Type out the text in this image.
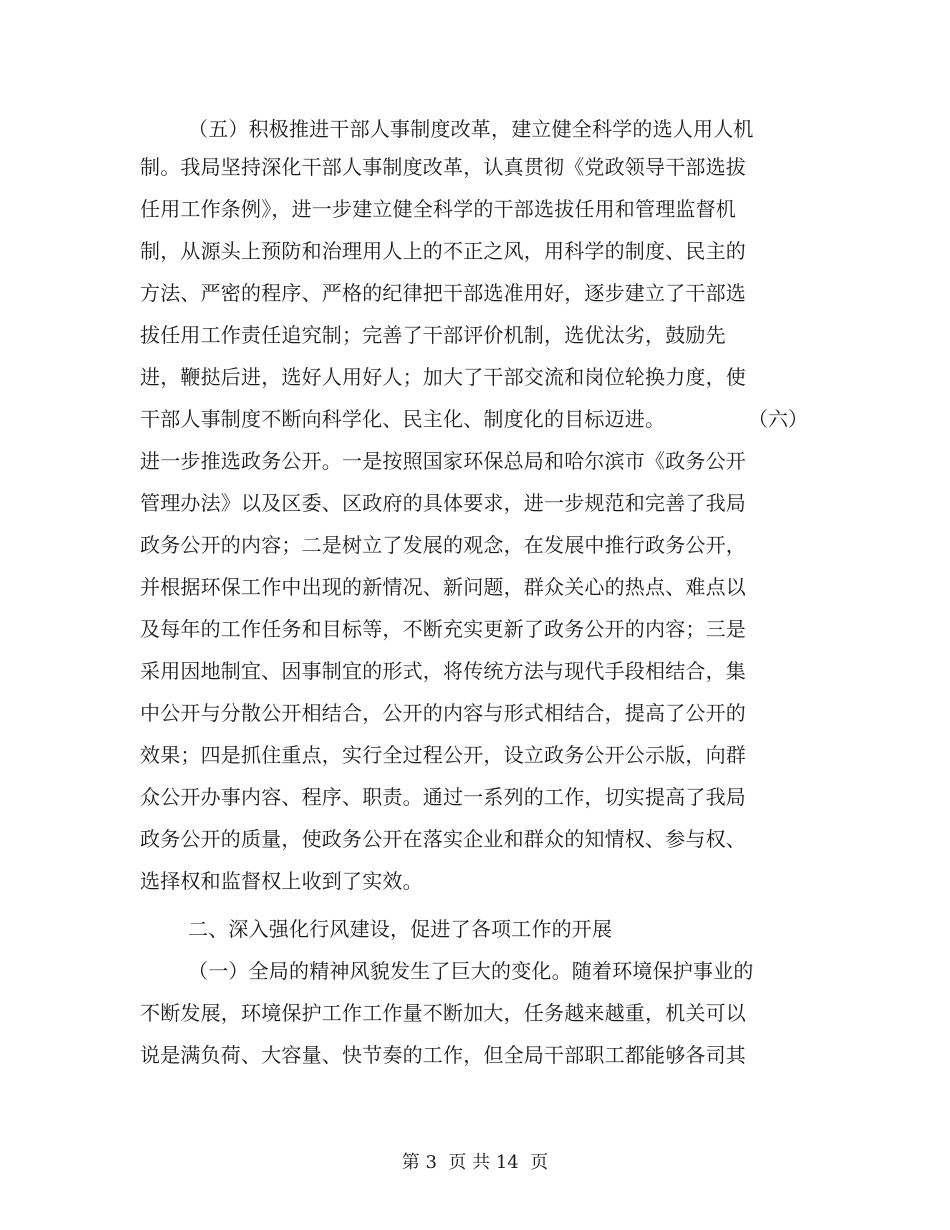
（五）积极推进干部人事制度改革，建立健全科学的选人用人机
制。我局坚持深化干部人事制度改革，认真贯彻《党政领导干部选拔
任用工作条例》，进一步建立健全科学的干部选拔任用和管理监督机
制，从源头上预防和治理用人上的不正之风，用科学的制度、民主的
方法、严密的程序、严格的纪律把干部选准用好，逐步建立了干部选
拔任用工作责任追究制；完善了干部评价机制，选优汰劣，鼓励先
进，鞭挞后进，选好人用好人；加大了干部交流和岗位轮换力度，使
干部人事制度不断向科学化、民主化、制度化的目标迈进。	（六）
进一步推选政务公开。一是按照国家环保总局和哈尔滨市《政务公开
管理办法》以及区委、区政府的具体要求，进一步规范和完善了我局
政务公开的内容；二是树立了发展的观念，在发展中推行政务公开，
并根据环保工作中出现的新情况、新问题，群众关心的热点、难点以
及每年的工作任务和目标等，不断充实更新了政务公开的内容；三是
采用因地制宜、因事制宜的形式，将传统方法与现代手段相结合，集
中公开与分散公开相结合，公开的内容与形式相结合，提高了公开的
效果；四是抓住重点，实行全过程公开，设立政务公开公示版，向群
众公开办事内容、程序、职责。通过一系列的工作，切实提高了我局
政务公开的质量，使政务公开在落实企业和群众的知情权、参与权、
选择权和监督权上收到了实效。
二、深入强化行风建设，促进了各项工作的开展
（一）全局的精神风貌发生了巨大的变化。随着环境保护事业的
不断发展，环境保护工作工作量不断加大，任务越来越重，机关可以
说是满负荷、大容量、快节奏的工作，但全局干部职工都能够各司其
第 3  页 共 14  页
